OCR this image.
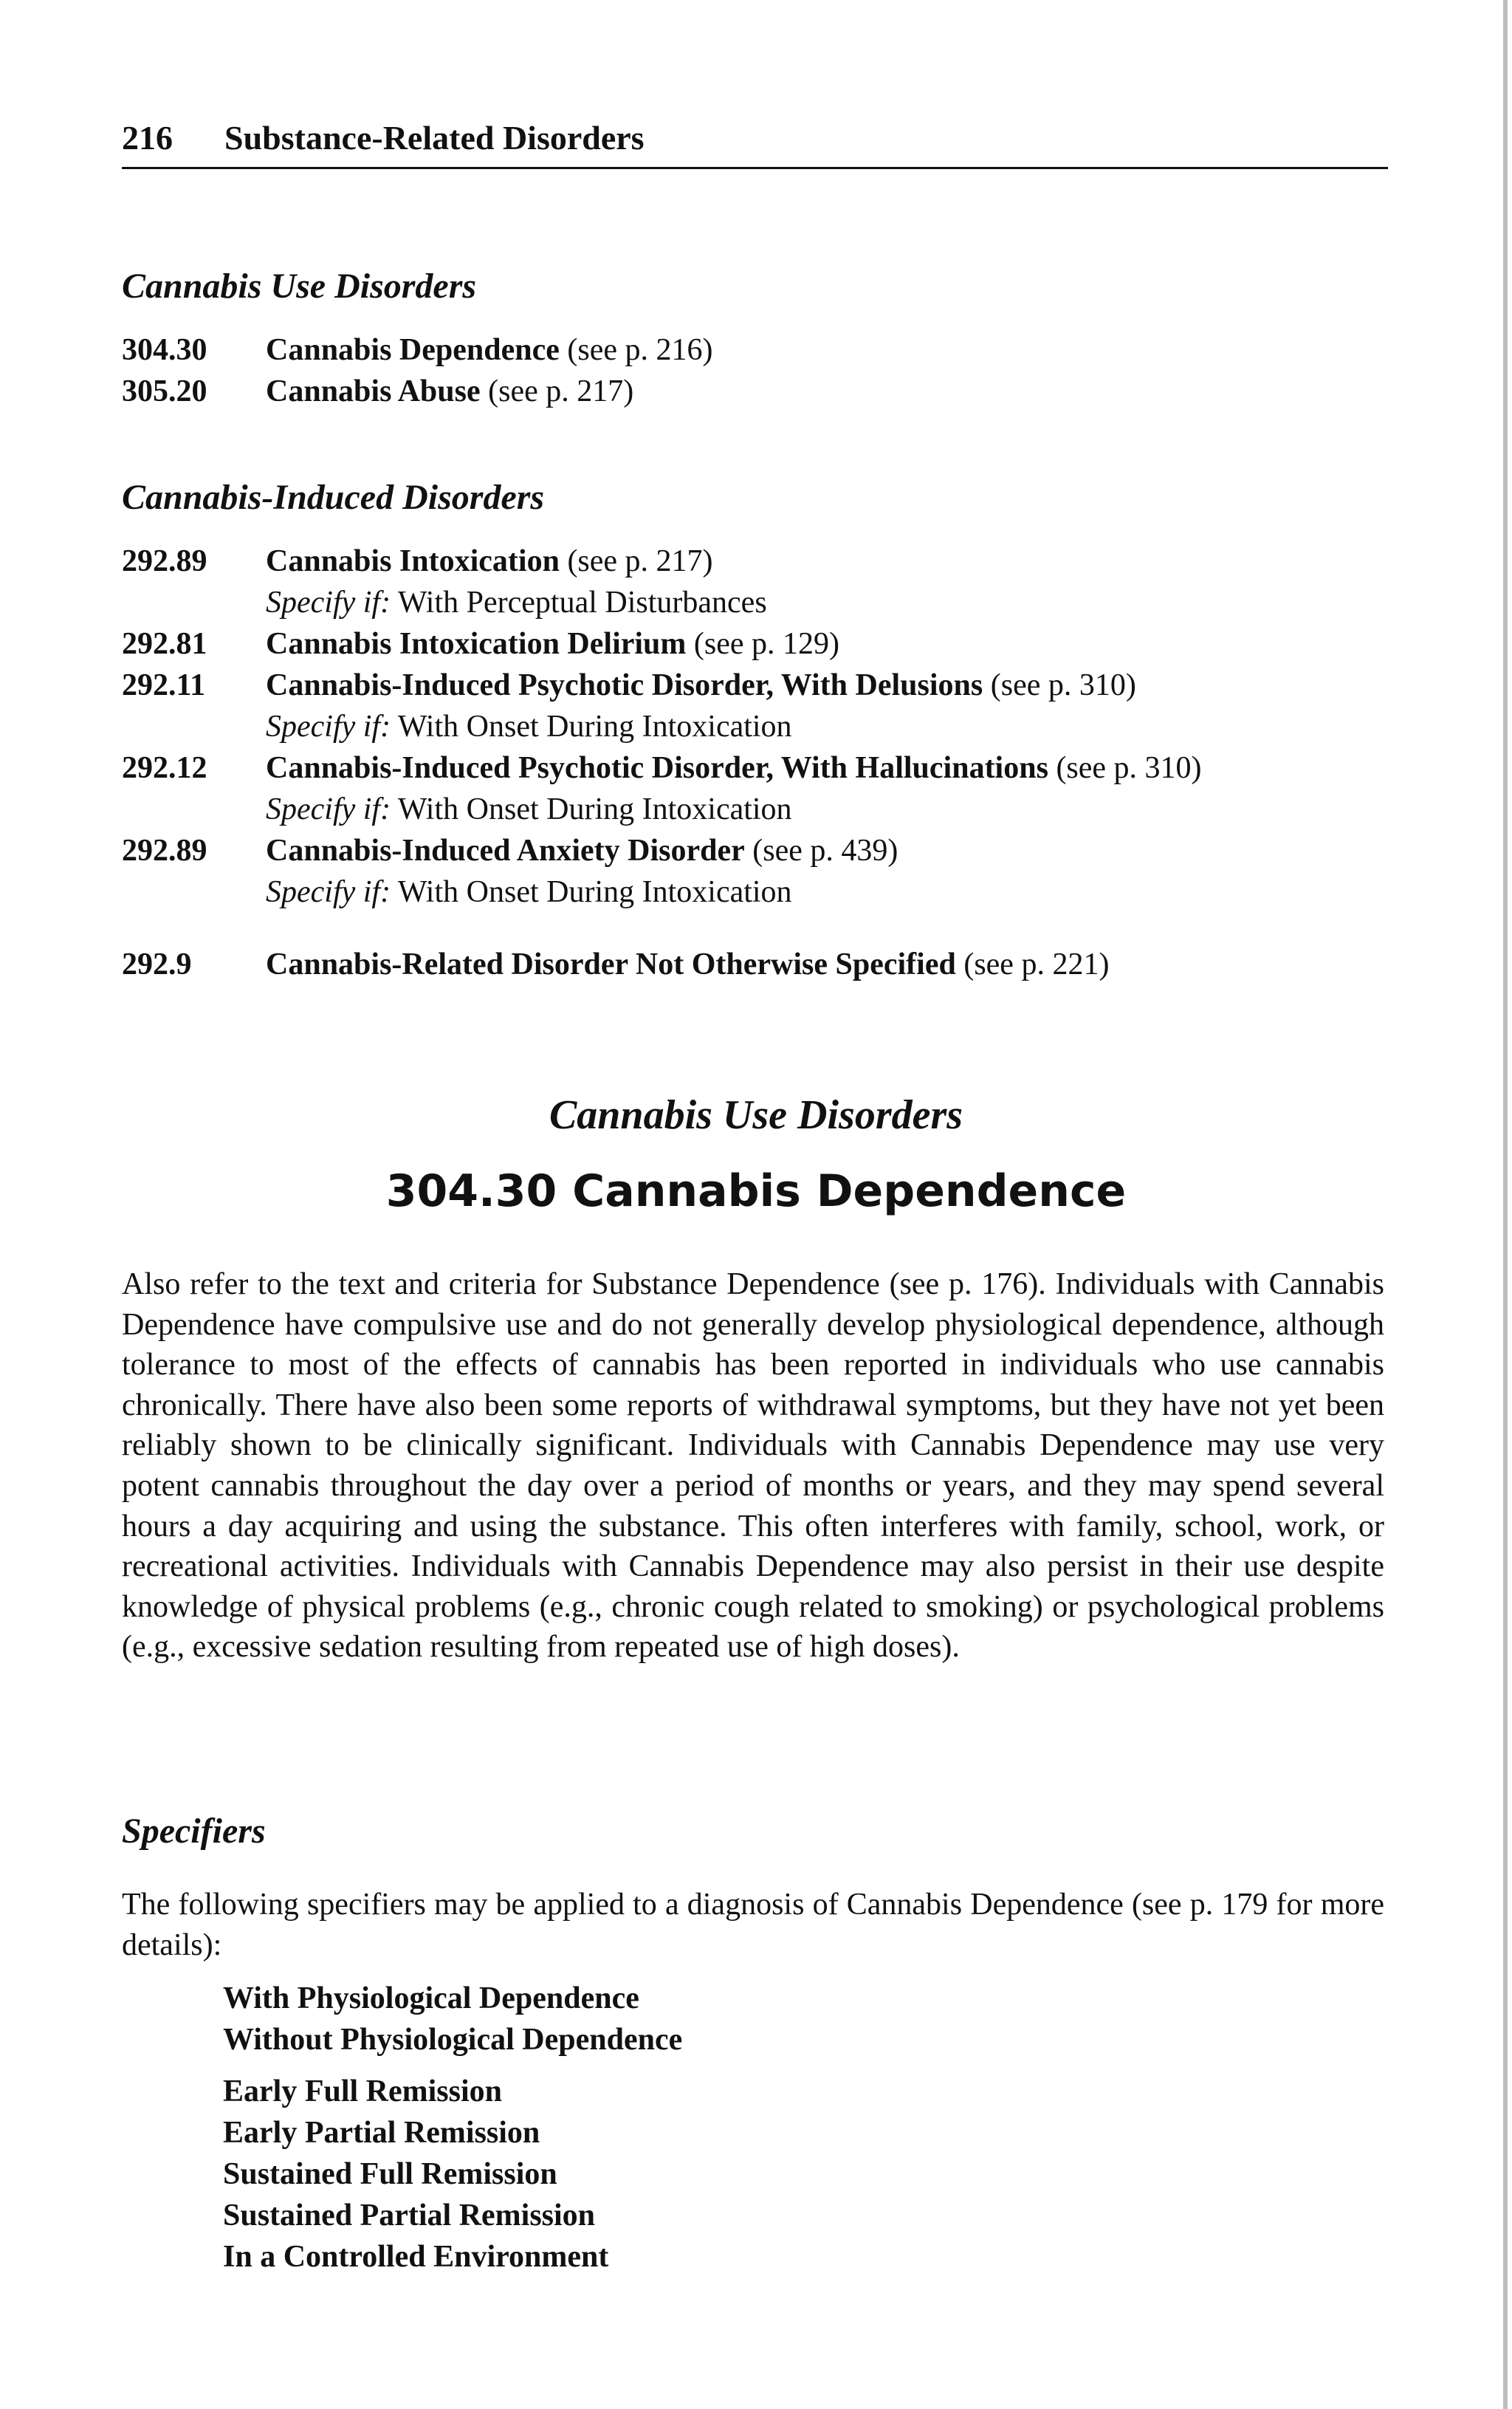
216 Substance-Related Disorders
Cannabis Use Disorders
304.30	Cannabis Dependence (see p. 216)
305.20	Cannabis Abuse (see p. 217)
Cannabis-Induced Disorders
292.89	Cannabis Intoxication (see p. 217)
Specify if: With Perceptual Disturbances
292.81	Cannabis Intoxication Delirium (see p. 129)
292.11	Cannabis-Induced Psychotic Disorder, With Delusions (see p. 310)
Specify if: With Onset During Intoxication
292.12	Cannabis-Induced Psychotic Disorder, With Hallucinations (see p. 310)
Specify if: With Onset During Intoxication
292.89	Cannabis-Induced Anxiety Disorder (see p. 439)
Specify if: With Onset During Intoxication
292.9	Cannabis-Related Disorder Not Otherwise Specified (see p. 221)
Cannabis Use Disorders
304.30 Cannabis Dependence

Also refer to the text and criteria for Substance Dependence (see p. 176). Individuals with Cannabis Dependence have compulsive use and do not generally develop physiological dependence, although tolerance to most of the effects of cannabis has been reported in individuals who use cannabis chronically. There have also been some reports of withdrawal symptoms, but they have not yet been reliably shown to be clinically significant. Individuals with Cannabis Dependence may use very potent cannabis throughout the day over a period of months or years, and they may spend several hours a day acquiring and using the substance. This often interferes with family, school, work, or recreational activities. Individuals with Cannabis Dependence may also persist in their use despite knowledge of physical problems (e.g., chronic cough related to smoking) or psychological problems (e.g., excessive sedation resulting from repeated use of high doses).

Specifiers

The following specifiers may be applied to a diagnosis of Cannabis Dependence (see p. 179 for more details):

With Physiological Dependence
Without Physiological Dependence
Early Full Remission
Early Partial Remission
Sustained Full Remission
Sustained Partial Remission
In a Controlled Environment
